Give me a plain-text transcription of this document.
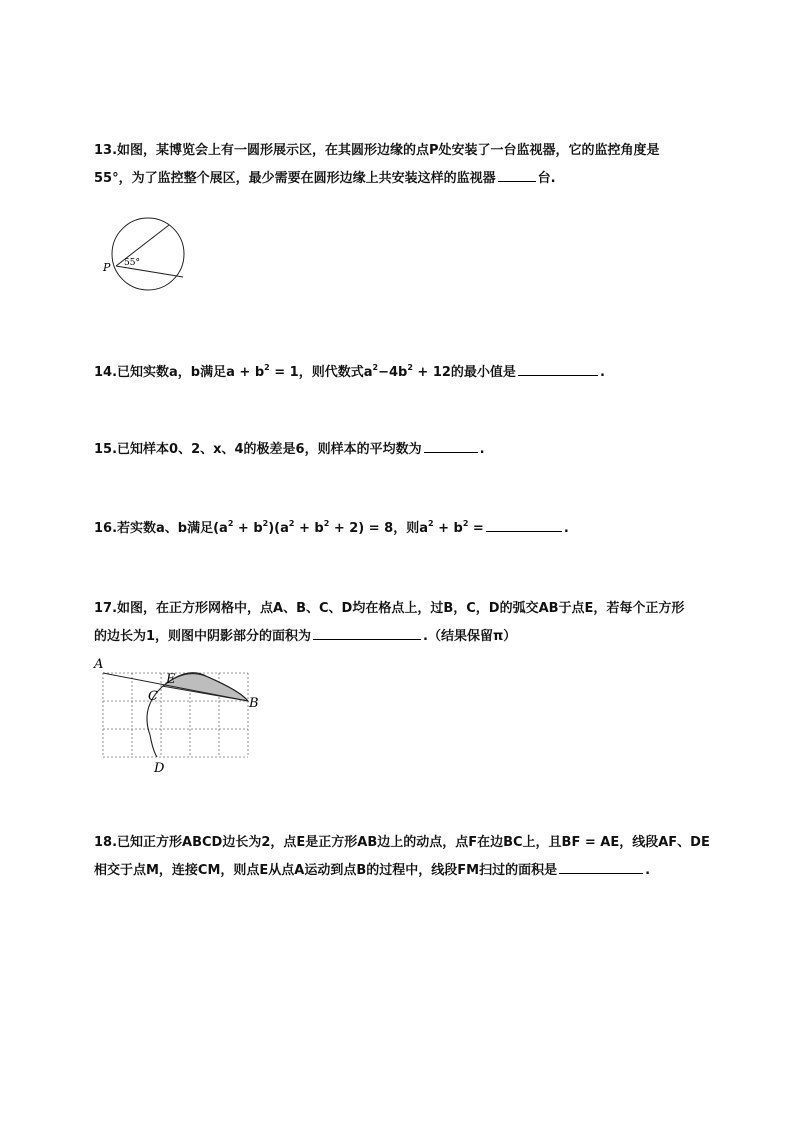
13.如图，某博览会上有一圆形展示区，在其圆形边缘的点P处安装了一台监视器，它的监控角度是

55°，为了监控整个展区，最少需要在圆形边缘上共安装这样的监视器	台.

P 55°

14.已知实数a，b满足$a + b^2 = 1$，则代数式$a^2-4b^2 + 12$的最小值是	.

15.已知样本0、2、x、4的极差是6，则样本的平均数为	.

16.若实数a、b满足$(a^2 + b^2)(a^2 + b^2 + 2) = 8$，则$a^2 + b^2$ =	.

17.如图，在正方形网格中，点A、B、C、D均在格点上，过B，C，D的弧交AB于点E，若每个正方形

的边长为1，则图中阴影部分的面积为	.（结果保留π）

A
E
C	B
D

18.已知正方形ABCD边长为2，点E是正方形AB边上的动点，点F在边BC上，且BF = AE，线段AF、DE

相交于点M，连接CM，则点E从点A运动到点B的过程中，线段FM扫过的面积是	.
